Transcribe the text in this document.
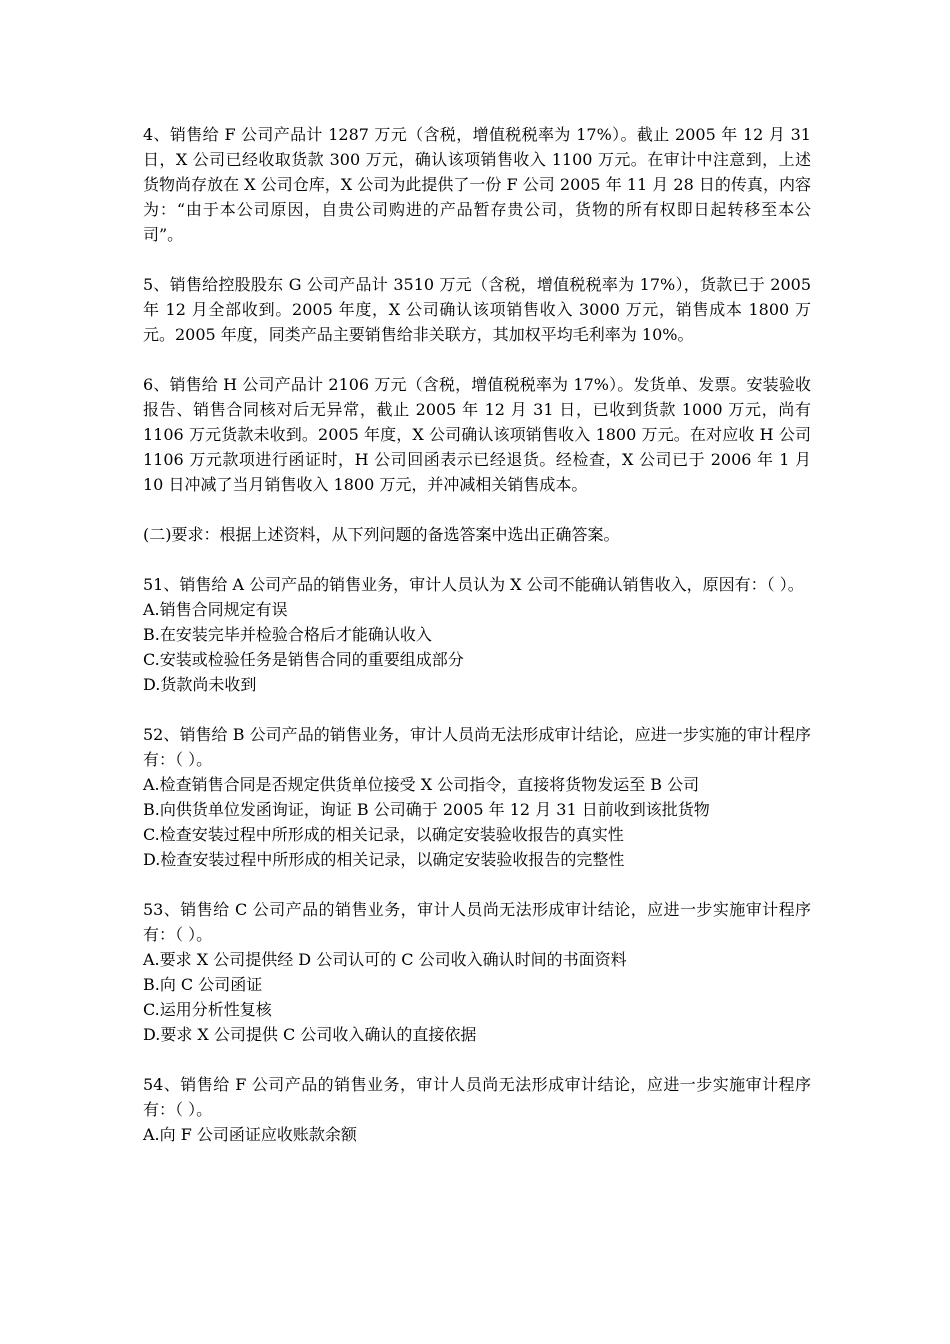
4、销售给 F 公司产品计 1287 万元（含税，增值税税率为 17%）。截止 2005 年 12 月 31 日，X 公司已经收取货款 300 万元，确认该项销售收入 1100 万元。在审计中注意到，上述货物尚存放在 X 公司仓库，X 公司为此提供了一份 F 公司 2005 年 11 月 28 日的传真，内容为：“由于本公司原因，自贵公司购进的产品暂存贵公司，货物的所有权即日起转移至本公司”。

5、销售给控股股东 G 公司产品计 3510 万元（含税，增值税税率为 17%），货款已于 2005 年 12 月全部收到。2005 年度，X 公司确认该项销售收入 3000 万元，销售成本 1800 万元。2005 年度，同类产品主要销售给非关联方，其加权平均毛利率为 10%。

6、销售给 H 公司产品计 2106 万元（含税，增值税税率为 17%）。发货单、发票。安装验收报告、销售合同核对后无异常，截止 2005 年 12 月 31 日，已收到货款 1000 万元，尚有 1106 万元货款未收到。2005 年度，X 公司确认该项销售收入 1800 万元。在对应收 H 公司 1106 万元款项进行函证时，H 公司回函表示已经退货。经检查，X 公司已于 2006 年 1 月 10 日冲减了当月销售收入 1800 万元，并冲减相关销售成本。

(二)要求：根据上述资料，从下列问题的备选答案中选出正确答案。

51、销售给 A 公司产品的销售业务，审计人员认为 X 公司不能确认销售收入，原因有：（ ）。

A.销售合同规定有误

B.在安装完毕并检验合格后才能确认收入

C.安装或检验任务是销售合同的重要组成部分

D.货款尚未收到

52、销售给 B 公司产品的销售业务，审计人员尚无法形成审计结论，应进一步实施的审计程序有：（ ）。

A.检查销售合同是否规定供货单位接受 X 公司指令，直接将货物发运至 B 公司

B.向供货单位发函询证，询证 B 公司确于 2005 年 12 月 31 日前收到该批货物

C.检查安装过程中所形成的相关记录，以确定安装验收报告的真实性

D.检查安装过程中所形成的相关记录，以确定安装验收报告的完整性

53、销售给 C 公司产品的销售业务，审计人员尚无法形成审计结论，应进一步实施审计程序有：（ ）。

A.要求 X 公司提供经 D 公司认可的 C 公司收入确认时间的书面资料

B.向 C 公司函证

C.运用分析性复核

D.要求 X 公司提供 C 公司收入确认的直接依据

54、销售给 F 公司产品的销售业务，审计人员尚无法形成审计结论，应进一步实施审计程序有：（ ）。

A.向 F 公司函证应收账款余额
